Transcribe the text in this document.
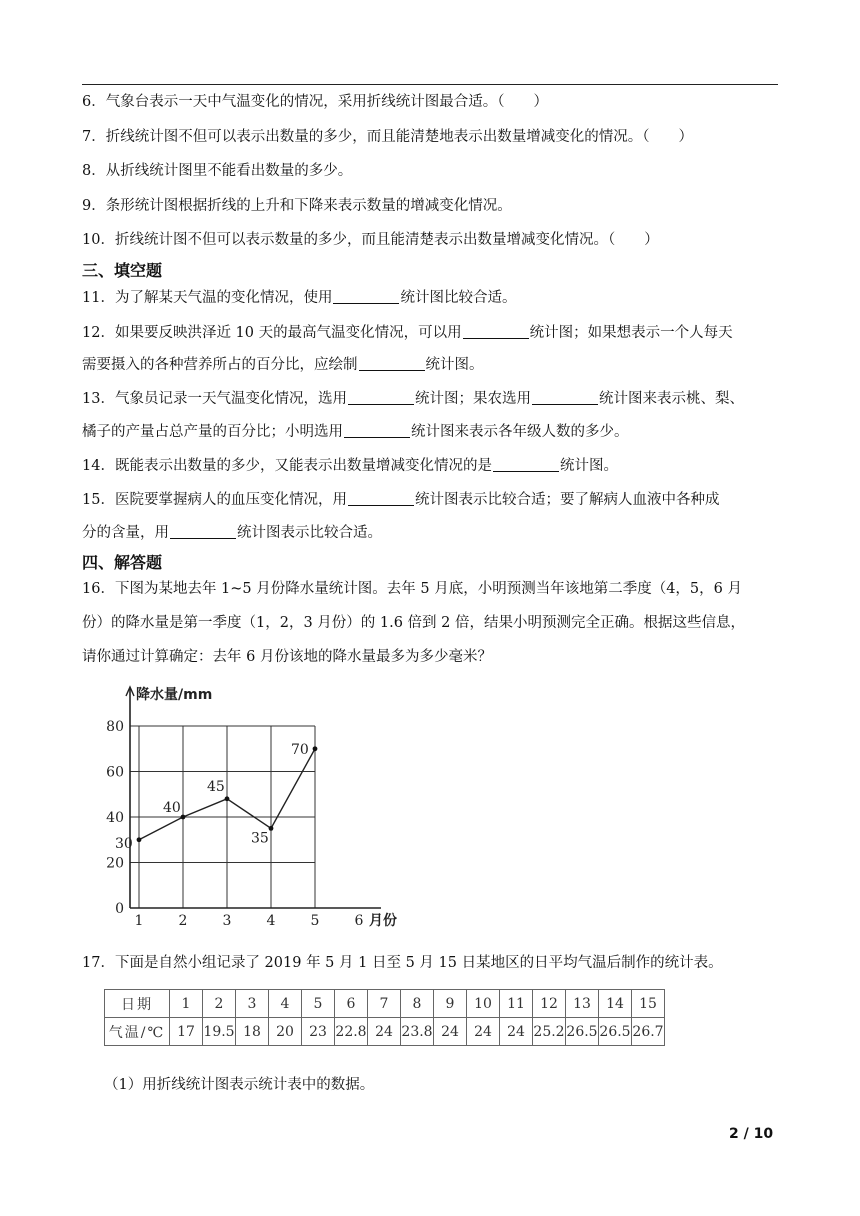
6．气象台表示一天中气温变化的情况，采用折线统计图最合适。（　　）
7．折线统计图不但可以表示出数量的多少，而且能清楚地表示出数量增减变化的情况。（　　）
8．从折线统计图里不能看出数量的多少。
9．条形统计图根据折线的上升和下降来表示数量的增减变化情况。
10．折线统计图不但可以表示数量的多少，而且能清楚表示出数量增减变化情况。（　　）
三、填空题
11．为了解某天气温的变化情况，使用	统计图比较合适。
12．如果要反映洪泽近 10 天的最高气温变化情况，可以用	统计图；如果想表示一个人每天
需要摄入的各种营养所占的百分比，应绘制	统计图。
13．气象员记录一天气温变化情况，选用	统计图；果农选用	统计图来表示桃、梨、
橘子的产量占总产量的百分比；小明选用	统计图来表示各年级人数的多少。
14．既能表示出数量的多少，又能表示出数量增减变化情况的是	统计图。
15．医院要掌握病人的血压变化情况，用	统计图表示比较合适；要了解病人血液中各种成
分的含量，用	统计图表示比较合适。
四、解答题
16．下图为某地去年 1~5 月份降水量统计图。去年 5 月底，小明预测当年该地第二季度（4，5，6 月
份）的降水量是第一季度（1，2，3 月份）的 1.6 倍到 2 倍，结果小明预测完全正确。根据这些信息，
请你通过计算确定：去年 6 月份该地的降水量最多为多少毫米？
降水量/mm
0
20
40
60
80
1	2	3	4	5	6 月份
30
40
45
35
70
17．下面是自然小组记录了 2019 年 5 月 1 日至 5 月 15 日某地区的日平均气温后制作的统计表。
日期	1	2	3	4	5	6	7	8	9	10	11	12	13	14	15
气温/℃	17	19.5	18	20	23	22.8	24	23.8	24	24	24	25.2	26.5	26.5	26.7
（1）用折线统计图表示统计表中的数据。
2 / 10
